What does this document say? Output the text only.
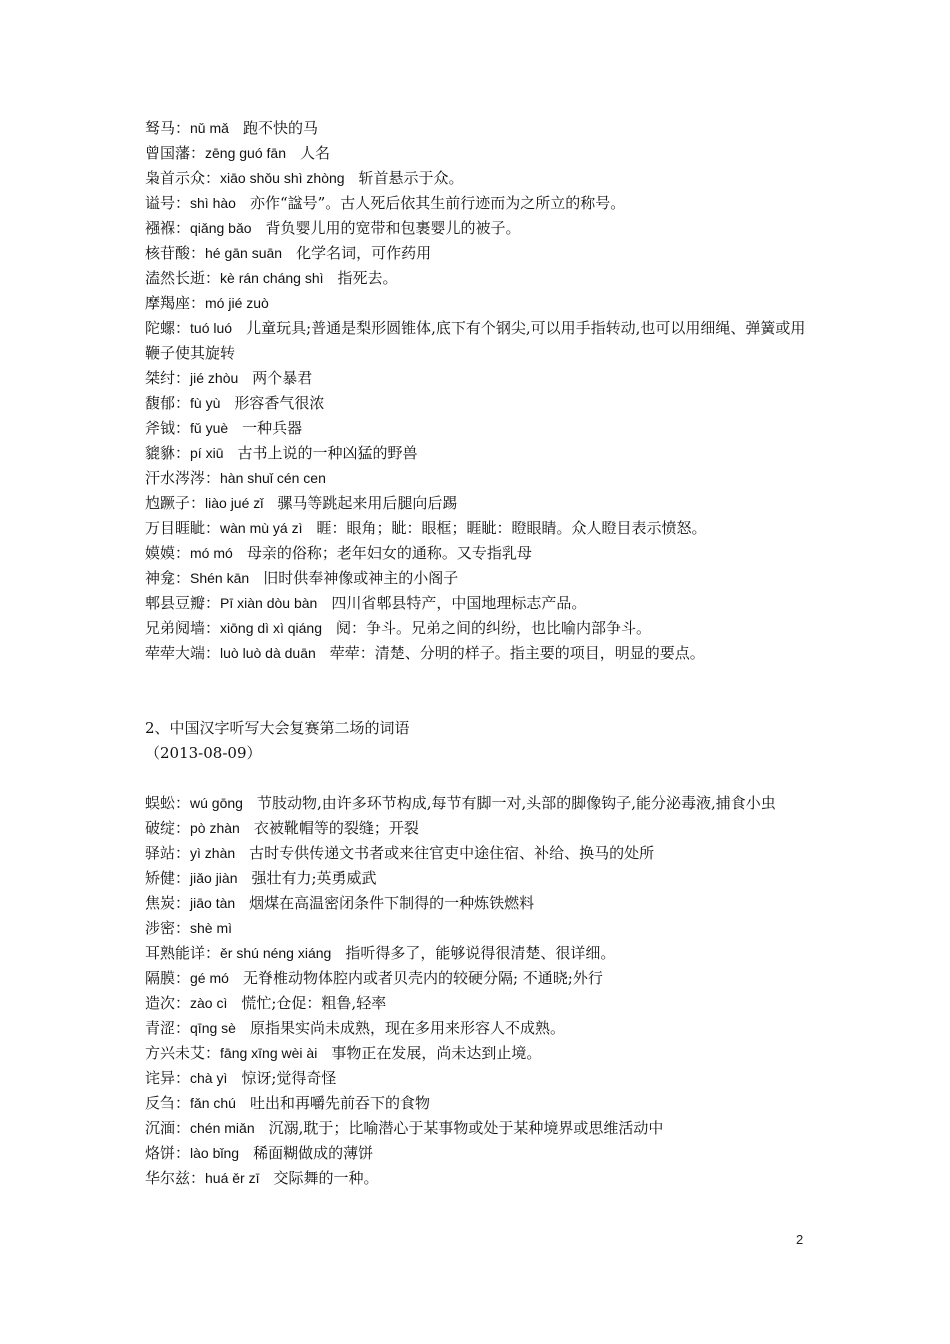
驽马：nǔ mǎ 跑不快的马
曾国藩：zēng guó fān 人名
枭首示众：xiāo shǒu shì zhòng 斩首悬示于众。
谥号：shì hào 亦作“諡号”。古人死后依其生前行迹而为之所立的称号。
襁褓：qiǎng bǎo 背负婴儿用的宽带和包裹婴儿的被子。
核苷酸：hé gān suān 化学名词，可作药用
溘然长逝：kè rán cháng shì 指死去。
摩羯座：mó jié zuò
陀螺：tuó luó 儿童玩具;普通是梨形圆锥体,底下有个钢尖,可以用手指转动,也可以用细绳、弹簧或用鞭子使其旋转
桀纣：jié zhòu 两个暴君
馥郁：fù yù 形容香气很浓
斧钺：fǔ yuè 一种兵器
貔貅：pí xiū 古书上说的一种凶猛的野兽
汗水涔涔：hàn shuǐ cén cen
尥蹶子：liào jué zǐ 骡马等跳起来用后腿向后踢
万目睚眦：wàn mù yá zì 睚：眼角；眦：眼框；睚眦：瞪眼睛。众人瞪目表示愤怒。
嫫嫫：mó mó 母亲的俗称；老年妇女的通称。又专指乳母
神龛：Shén kān 旧时供奉神像或神主的小阁子
郫县豆瓣：Pī xiàn dòu bàn 四川省郫县特产，中国地理标志产品。
兄弟阋墙：xiōng dì xì qiáng 阋：争斗。兄弟之间的纠纷，也比喻内部争斗。
荦荦大端：luò luò dà duān 荦荦：清楚、分明的样子。指主要的项目，明显的要点。
2、中国汉字听写大会复赛第二场的词语
（2013-08-09）
蜈蚣：wú gōng 节肢动物,由许多环节构成,每节有脚一对,头部的脚像钩子,能分泌毒液,捕食小虫
破绽：pò zhàn 衣被靴帽等的裂缝；开裂
驿站：yì zhàn 古时专供传递文书者或来往官吏中途住宿、补给、换马的处所
矫健：jiǎo jiàn 强壮有力;英勇威武
焦炭：jiāo tàn 烟煤在高温密闭条件下制得的一种炼铁燃料
涉密：shè mì
耳熟能详：ěr shú néng xiáng 指听得多了，能够说得很清楚、很详细。
隔膜：gé mó 无脊椎动物体腔内或者贝壳内的较硬分隔; 不通晓;外行
造次：zào cì 慌忙;仓促：粗鲁,轻率
青涩：qīng sè 原指果实尚未成熟，现在多用来形容人不成熟。
方兴未艾：fāng xīng wèi ài 事物正在发展，尚未达到止境。
诧异：chà yì 惊讶;觉得奇怪
反刍：fǎn chú 吐出和再嚼先前吞下的食物
沉湎：chén miǎn 沉溺,耽于；比喻潜心于某事物或处于某种境界或思维活动中
烙饼：lào bǐng 稀面糊做成的薄饼
华尔兹：huá ěr zī 交际舞的一种。
2
